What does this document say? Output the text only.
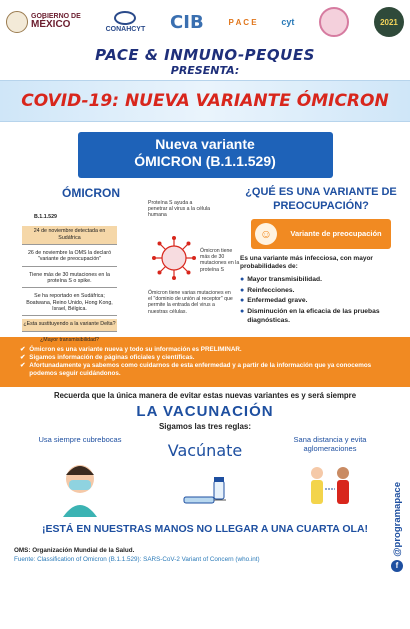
GOBIERNO DE
MÉXICO	CONAHCYT CIB	P A C E	cyt	2021
PACE & INMUNO-PEQUES
PRESENTA:
COVID-19: NUEVA VARIANTE ÓMICRON
Nueva variante
ÓMICRON (B.1.1.529)
ÓMICRON
B.1.1.529
24 de noviembre detectada en Sudáfrica
26 de noviembre la OMS la declaró "variante de preocupación"
Tiene más de 30 mutaciones en la proteína S o spike.
Se ha reportado en Sudáfrica; Boatwana, Reino Unido, Hong Kong, Israel, Bélgica.
¿Esta sustituyendo a la variante Delta?
¿Mayor transmisibilidad?
Proteína S ayuda a penetrar al virus a la célula humana
Ómicron tiene más de 30 mutaciones en la proteína S
Ómicron tiene varias mutaciones en el "dominio de unión al receptor" que permite la entrada del virus a nuestras células.
¿QUÉ ES UNA VARIANTE DE PREOCUPACIÓN?
☺	Variante de preocupación
Es una variante más infecciosa, con mayor probabilidades de:
● Mayor transmisibilidad.
● Reinfecciones.
● Enfermedad grave.
● Disminución en la eficacia de las pruebas diagnósticas.
✔ Ómicron es una variante nueva y todo su información es PRELIMINAR.
✔ Sigamos información de páginas oficiales y científicas.
✔ Afortunadamente ya sabemos como cuidarnos de esta enfermedad y a partir de la información que ya conocemos podemos seguir cuidándonos.
Recuerda que la única manera de evitar estas nuevas variantes es y será siempre
LA VACUNACIÓN
Sigamos las tres reglas:
Usa siempre cubrebocas
Vacúnate
Sana distancia y evita aglomeraciones
¡ESTÁ EN NUESTRAS MANOS NO LLEGAR A UNA CUARTA OLA!
OMS: Organización Mundial de la Salud.
Fuente: Classification of Omicron (B.1.1.529): SARS-CoV-2 Variant of Concern (who.int)
@programapace
f
